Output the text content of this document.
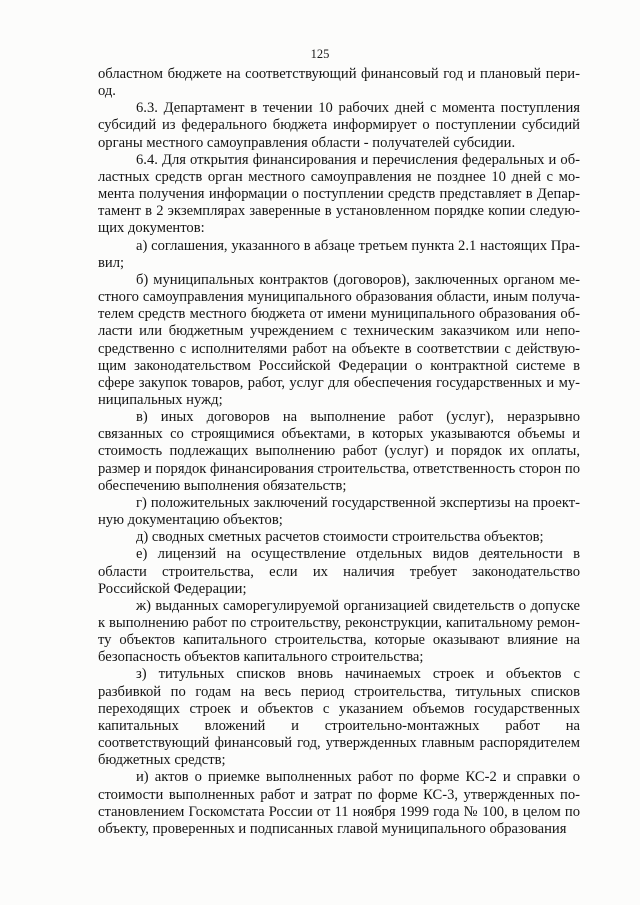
125

областном бюджете на соответствующий финансовый год и плановый период.

6.3. Департамент в течении 10 рабочих дней с момента поступления субсидий из федерального бюджета информирует о поступлении субсидий органы местного самоуправления области - получателей субсидии.

6.4. Для открытия финансирования и перечисления федеральных и областных средств орган местного самоуправления не позднее 10 дней с момента получения информации о поступлении средств представляет в Департамент в 2 экземплярах заверенные в установленном порядке копии следующих документов:

а) соглашения, указанного в абзаце третьем пункта 2.1 настоящих Правил;

б) муниципальных контрактов (договоров), заключенных органом местного самоуправления муниципального образования области, иным получателем средств местного бюджета от имени муниципального образования области или бюджетным учреждением с техническим заказчиком или непосредственно с исполнителями работ на объекте в соответствии с действующим законодательством Российской Федерации о контрактной системе в сфере закупок товаров, работ, услуг для обеспечения государственных и муниципальных нужд;

в) иных договоров на выполнение работ (услуг), неразрывно связанных со строящимися объектами, в которых указываются объемы и стоимость подлежащих выполнению работ (услуг) и порядок их оплаты, размер и порядок финансирования строительства, ответственность сторон по обеспечению выполнения обязательств;

г) положительных заключений государственной экспертизы на проектную документацию объектов;

д) сводных сметных расчетов стоимости строительства объектов;

е) лицензий на осуществление отдельных видов деятельности в области строительства, если их наличия требует законодательство Российской Федерации;

ж) выданных саморегулируемой организацией свидетельств о допуске к выполнению работ по строительству, реконструкции, капитальному ремонту объектов капитального строительства, которые оказывают влияние на безопасность объектов капитального строительства;

з) титульных списков вновь начинаемых строек и объектов с разбивкой по годам на весь период строительства, титульных списков переходящих строек и объектов с указанием объемов государственных капитальных вложений и строительно-монтажных работ на соответствующий финансовый год, утвержденных главным распорядителем бюджетных средств;

и) актов о приемке выполненных работ по форме КС-2 и справки о стоимости выполненных работ и затрат по форме КС-3, утвержденных постановлением Госкомстата России от 11 ноября 1999 года № 100, в целом по объекту, проверенных и подписанных главой муниципального образования
